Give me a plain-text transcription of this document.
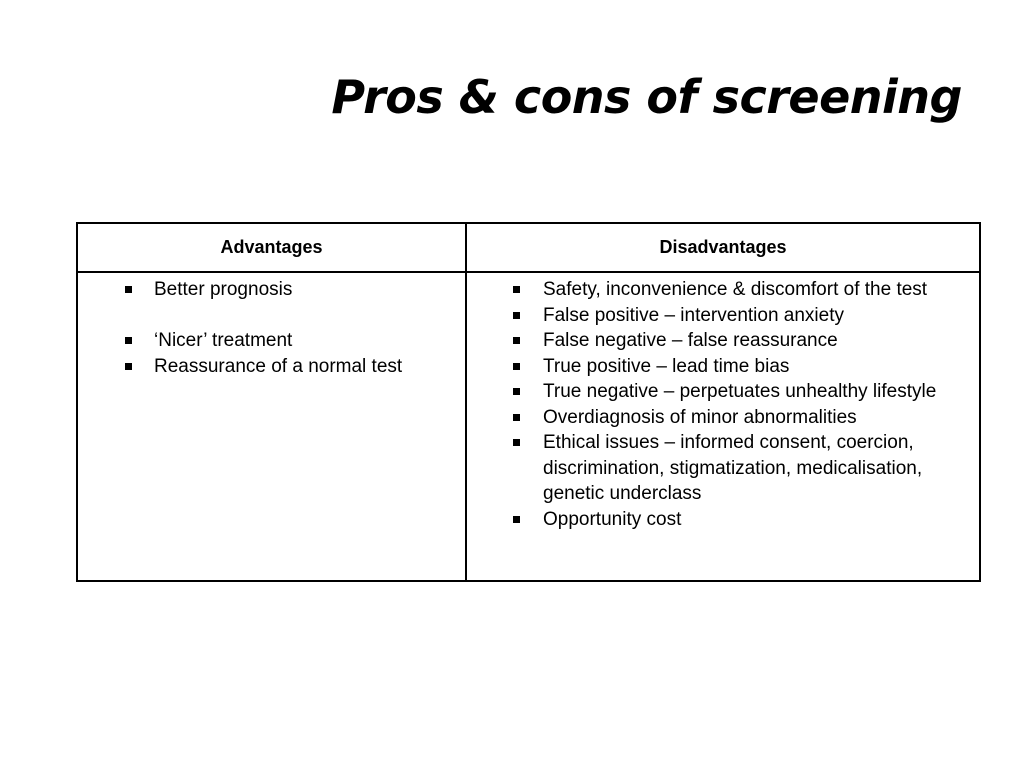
Pros & cons of screening
Advantages
Better prognosis
‘Nicer’ treatment
Reassurance of a normal test
Disadvantages
Safety, inconvenience & discomfort of the test
False positive – intervention anxiety
False negative – false reassurance
True positive – lead time bias
True negative – perpetuates unhealthy lifestyle
Overdiagnosis of minor abnormalities
Ethical issues – informed consent, coercion, discrimination, stigmatization, medicalisation, genetic underclass
Opportunity cost
